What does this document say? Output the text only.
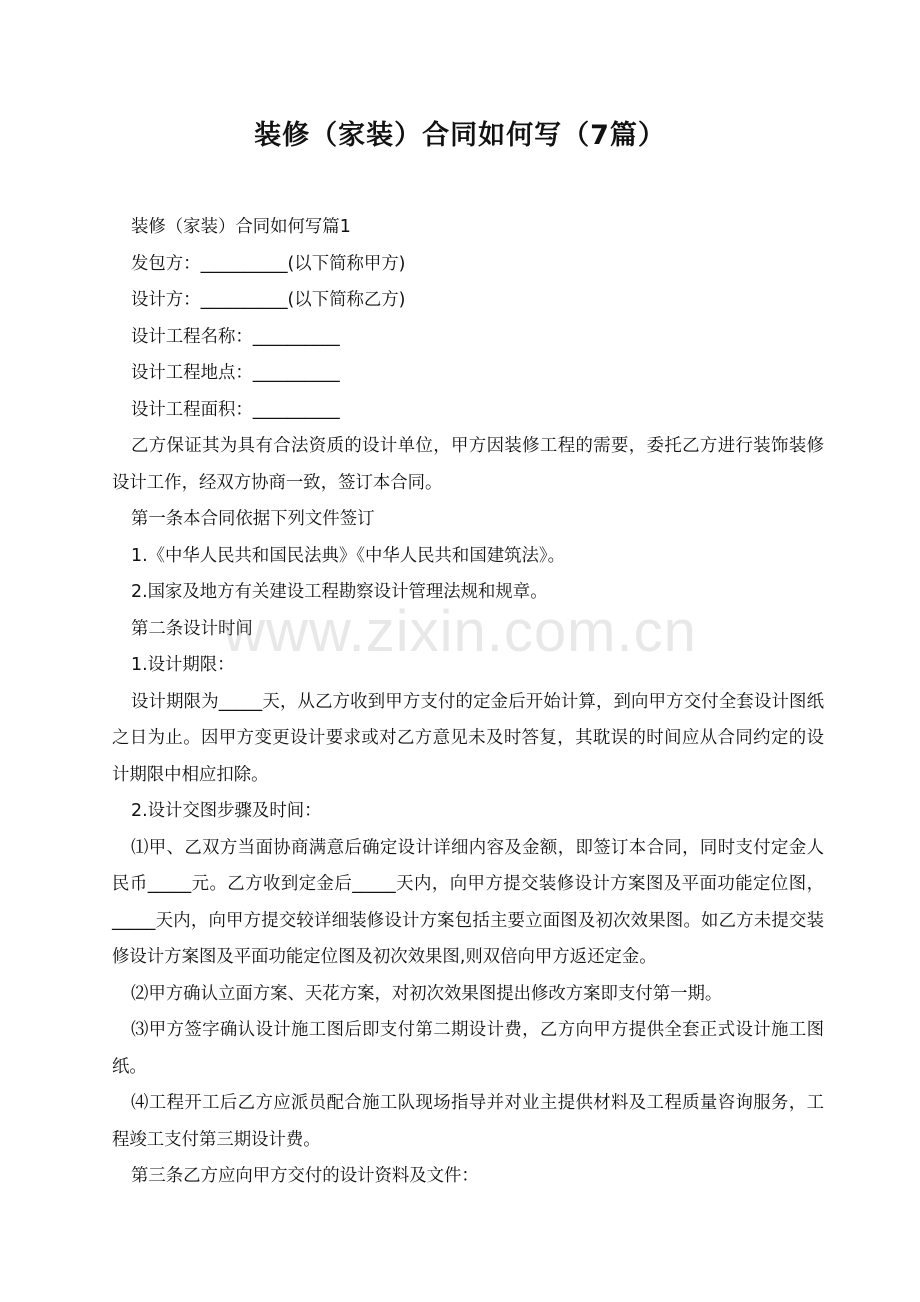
装修（家装）合同如何写（7篇）

装修（家装）合同如何写篇1

发包方：__________(以下简称甲方)

设计方：__________(以下简称乙方)

设计工程名称：__________

设计工程地点：__________

设计工程面积：__________

乙方保证其为具有合法资质的设计单位，甲方因装修工程的需要，委托乙方进行装饰装修设计工作，经双方协商一致，签订本合同。

第一条本合同依据下列文件签订

1.《中华人民共和国民法典》《中华人民共和国建筑法》。

2.国家及地方有关建设工程勘察设计管理法规和规章。

第二条设计时间

1.设计期限：

设计期限为_____天，从乙方收到甲方支付的定金后开始计算，到向甲方交付全套设计图纸之日为止。因甲方变更设计要求或对乙方意见未及时答复，其耽误的时间应从合同约定的设计期限中相应扣除。

2.设计交图步骤及时间：

⑴甲、乙双方当面协商满意后确定设计详细内容及金额，即签订本合同，同时支付定金人民币_____元。乙方收到定金后_____天内，向甲方提交装修设计方案图及平面功能定位图，_____天内，向甲方提交较详细装修设计方案包括主要立面图及初次效果图。如乙方未提交装修设计方案图及平面功能定位图及初次效果图,则双倍向甲方返还定金。

⑵甲方确认立面方案、天花方案，对初次效果图提出修改方案即支付第一期。

⑶甲方签字确认设计施工图后即支付第二期设计费，乙方向甲方提供全套正式设计施工图纸。

⑷工程开工后乙方应派员配合施工队现场指导并对业主提供材料及工程质量咨询服务，工程竣工支付第三期设计费。

第三条乙方应向甲方交付的设计资料及文件：

www.zixin.com.cn
